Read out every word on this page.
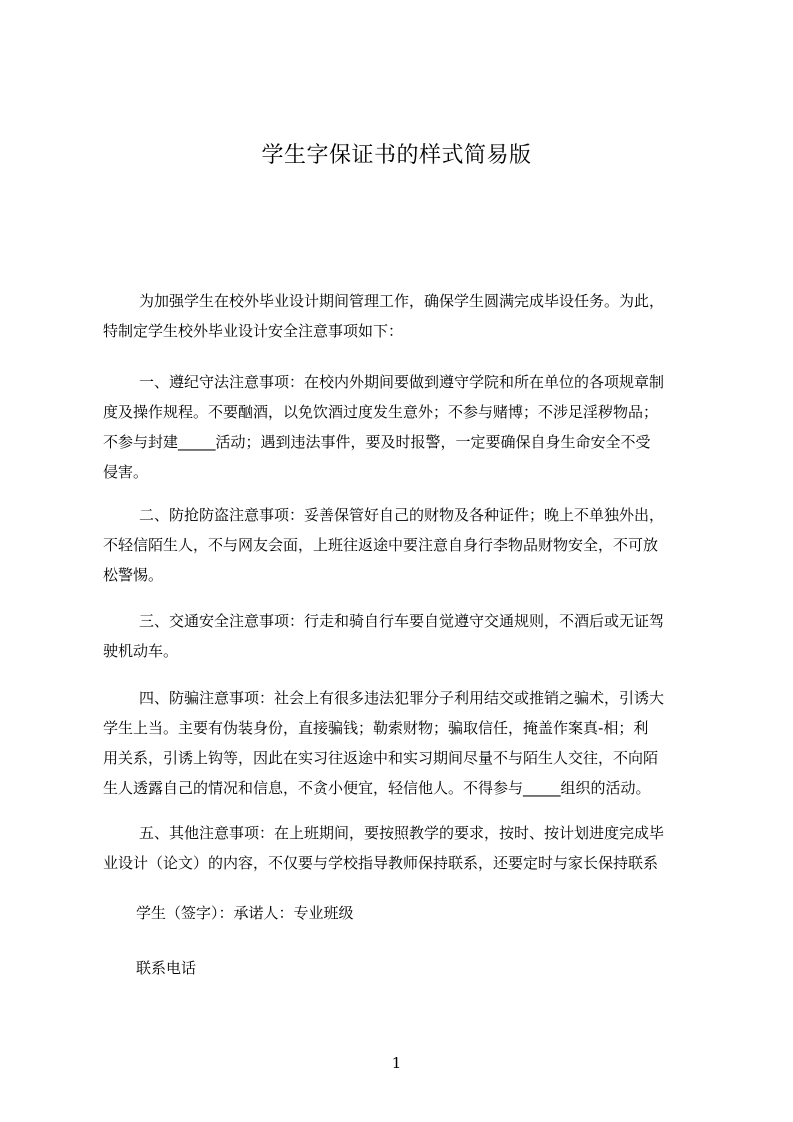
学生字保证书的样式简易版
为加强学生在校外毕业设计期间管理工作，确保学生圆满完成毕设任务。为此，
特制定学生校外毕业设计安全注意事项如下：
一、遵纪守法注意事项：在校内外期间要做到遵守学院和所在单位的各项规章制
度及操作规程。不要酗酒，以免饮酒过度发生意外；不参与赌博；不涉足淫秽物品；
不参与封建_____活动；遇到违法事件，要及时报警，一定要确保自身生命安全不受
侵害。
二、防抢防盗注意事项：妥善保管好自己的财物及各种证件；晚上不单独外出，
不轻信陌生人，不与网友会面，上班往返途中要注意自身行李物品财物安全，不可放
松警惕。
三、交通安全注意事项：行走和骑自行车要自觉遵守交通规则，不酒后或无证驾
驶机动车。
四、防骗注意事项：社会上有很多违法犯罪分子利用结交或推销之骗术，引诱大
学生上当。主要有伪装身份，直接骗钱；勒索财物；骗取信任，掩盖作案真-相；利
用关系，引诱上钩等，因此在实习往返途中和实习期间尽量不与陌生人交往，不向陌
生人透露自己的情况和信息，不贪小便宜，轻信他人。不得参与_____组织的活动。
五、其他注意事项：在上班期间，要按照教学的要求，按时、按计划进度完成毕
业设计（论文）的内容，不仅要与学校指导教师保持联系，还要定时与家长保持联系
学生（签字）：承诺人：专业班级
联系电话
1
